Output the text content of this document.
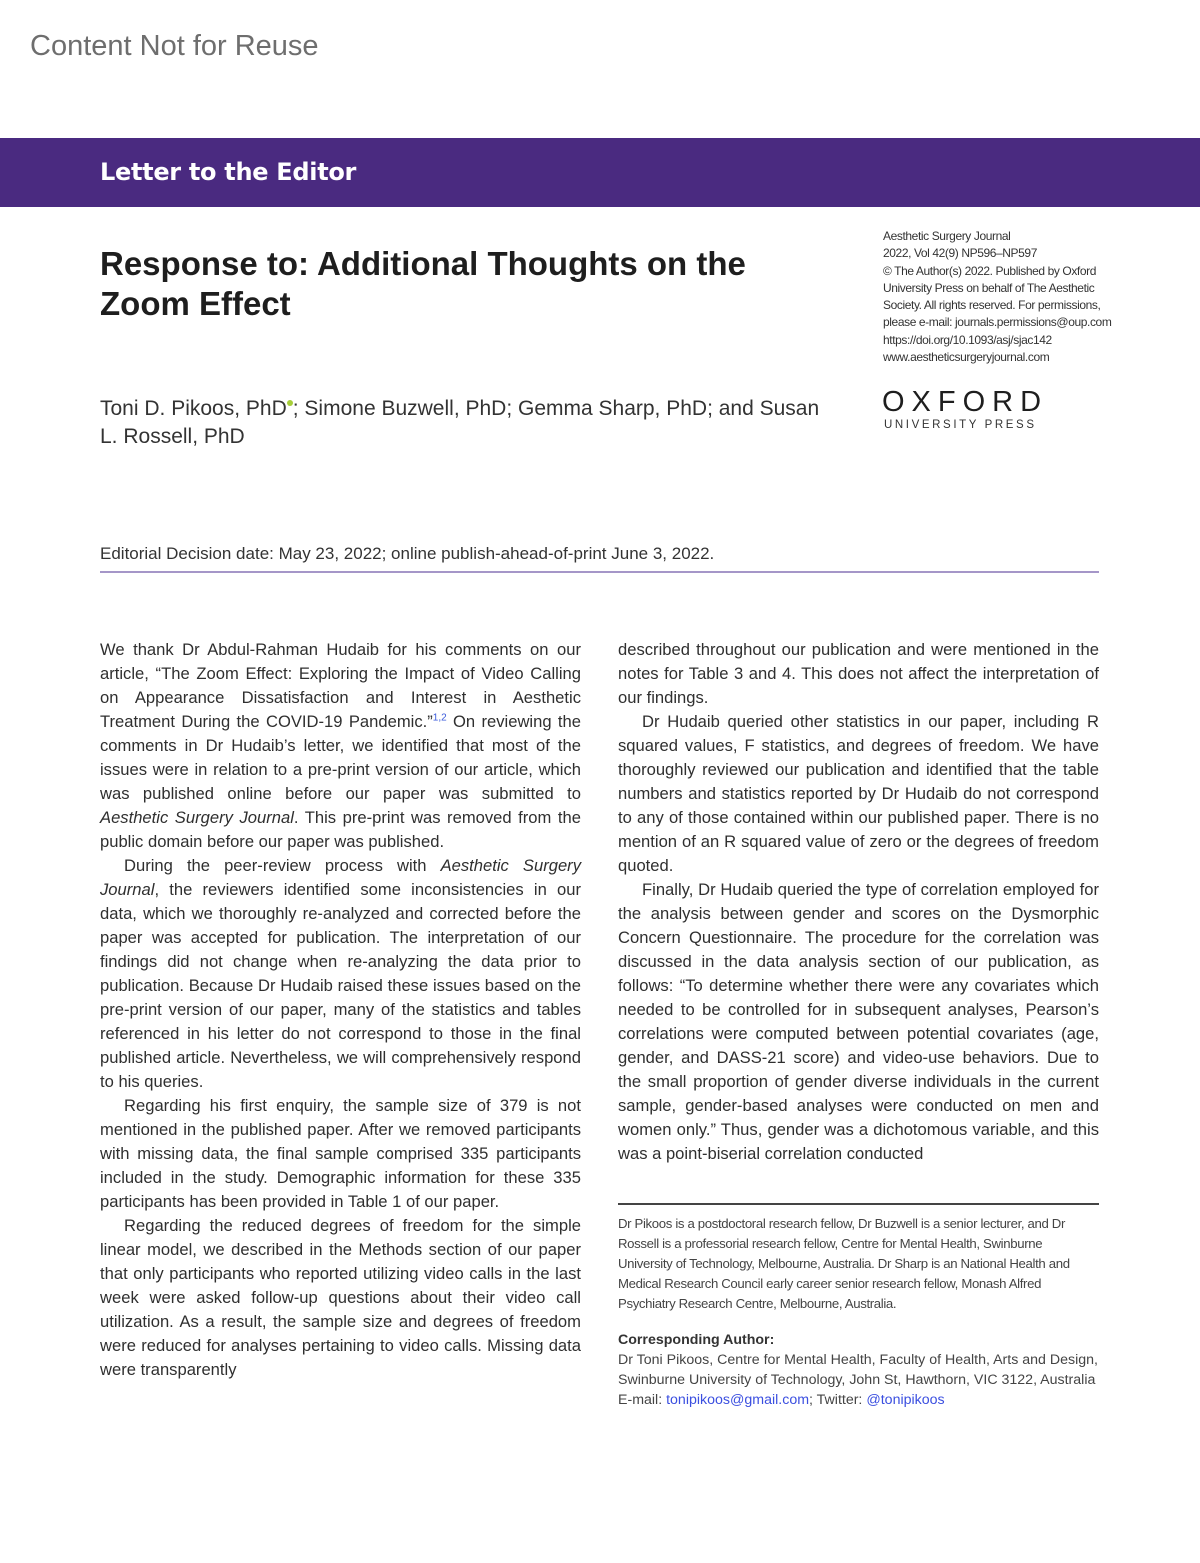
Content Not for Reuse
Letter to the Editor
Response to: Additional Thoughts on the Zoom Effect
Toni D. Pikoos, PhD ; Simone Buzwell, PhD; Gemma Sharp, PhD; and Susan L. Rossell, PhD
Aesthetic Surgery Journal
2022, Vol 42(9) NP596–NP597
© The Author(s) 2022. Published by Oxford University Press on behalf of The Aesthetic Society. All rights reserved. For permissions, please e-mail: journals.permissions@oup.com
https://doi.org/10.1093/asj/sjac142
www.aestheticsurgeryjournal.com
OXFORD
UNIVERSITY PRESS
Editorial Decision date: May 23, 2022; online publish-ahead-of-print June 3, 2022.

We thank Dr Abdul-Rahman Hudaib for his comments on our article, “The Zoom Effect: Exploring the Impact of Video Calling on Appearance Dissatisfaction and Interest in Aesthetic Treatment During the COVID-19 Pandemic.”$^{1,2}$ On reviewing the comments in Dr Hudaib’s letter, we identified that most of the issues were in relation to a pre-print version of our article, which was published online before our paper was submitted to Aesthetic Surgery Journal. This pre-print was removed from the public domain before our paper was published.

During the peer-review process with Aesthetic Surgery Journal, the reviewers identified some inconsistencies in our data, which we thoroughly re-analyzed and corrected before the paper was accepted for publication. The interpretation of our findings did not change when re-analyzing the data prior to publication. Because Dr Hudaib raised these issues based on the pre-print version of our paper, many of the statistics and tables referenced in his letter do not correspond to those in the final published article. Nevertheless, we will comprehensively respond to his queries.

Regarding his first enquiry, the sample size of 379 is not mentioned in the published paper. After we removed participants with missing data, the final sample comprised 335 participants included in the study. Demographic information for these 335 participants has been provided in Table 1 of our paper.

Regarding the reduced degrees of freedom for the simple linear model, we described in the Methods section of our paper that only participants who reported utilizing video calls in the last week were asked follow-up questions about their video call utilization. As a result, the sample size and degrees of freedom were reduced for analyses pertaining to video calls. Missing data were transparently

described throughout our publication and were mentioned in the notes for Table 3 and 4. This does not affect the interpretation of our findings.

Dr Hudaib queried other statistics in our paper, including R squared values, F statistics, and degrees of freedom. We have thoroughly reviewed our publication and identified that the table numbers and statistics reported by Dr Hudaib do not correspond to any of those contained within our published paper. There is no mention of an R squared value of zero or the degrees of freedom quoted.

Finally, Dr Hudaib queried the type of correlation employed for the analysis between gender and scores on the Dysmorphic Concern Questionnaire. The procedure for the correlation was discussed in the data analysis section of our publication, as follows: “To determine whether there were any covariates which needed to be controlled for in subsequent analyses, Pearson’s correlations were computed between potential covariates (age, gender, and DASS-21 score) and video-use behaviors. Due to the small proportion of gender diverse individuals in the current sample, gender-based analyses were conducted on men and women only.” Thus, gender was a dichotomous variable, and this was a point-biserial correlation conducted

Dr Pikoos is a postdoctoral research fellow, Dr Buzwell is a senior lecturer, and Dr Rossell is a professorial research fellow, Centre for Mental Health, Swinburne University of Technology, Melbourne, Australia. Dr Sharp is an National Health and Medical Research Council early career senior research fellow, Monash Alfred Psychiatry Research Centre, Melbourne, Australia.
Corresponding Author:
Dr Toni Pikoos, Centre for Mental Health, Faculty of Health, Arts and Design, Swinburne University of Technology, John St, Hawthorn, VIC 3122, Australia
E-mail: tonipikoos@gmail.com; Twitter: @tonipikoos
